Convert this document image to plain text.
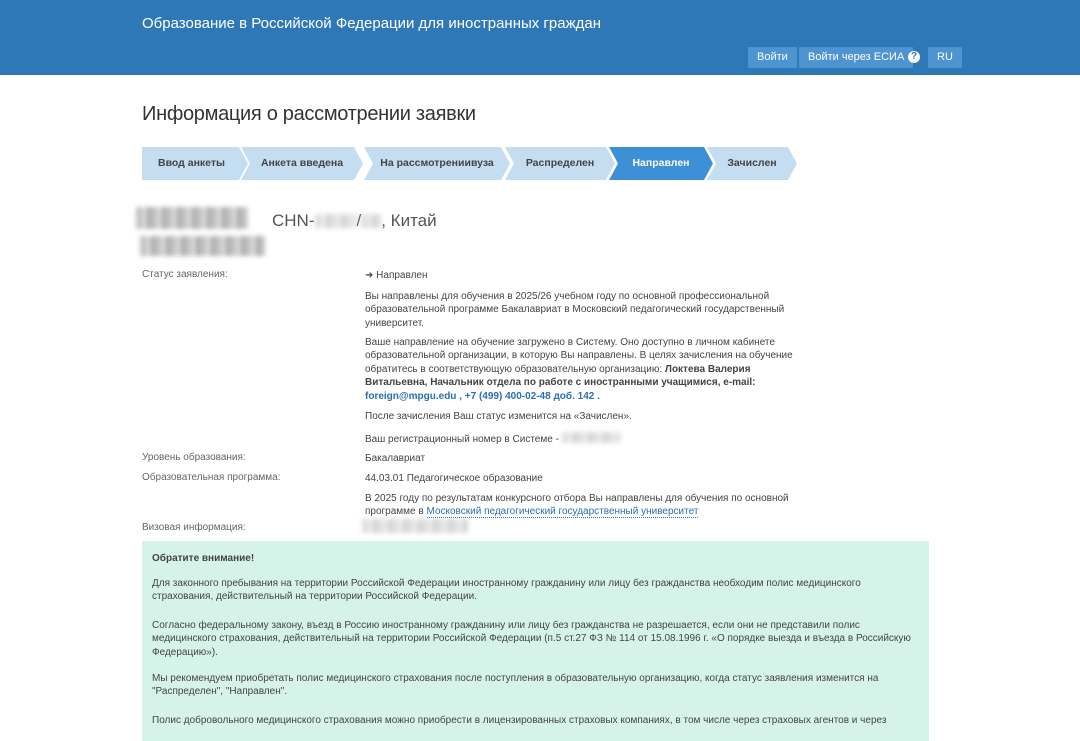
Образование в Российской Федерации для иностранных граждан
Войти	Войти через ЕСИА ?	RU
Информация о рассмотрении заявки
Ввод анкеты	Анкета введена	На рассмотрении вуза	Распределен	Направлен	Зачислен
CHN- / , Китай
Статус заявления:	➜ Направлен
Вы направлены для обучения в 2025/26 учебном году по основной профессиональной образовательной программе Бакалавриат в Московский педагогический государственный университет.
Ваше направление на обучение загружено в Систему. Оно доступно в личном кабинете образовательной организации, в которую Вы направлены. В целях зачисления на обучение обратитесь в соответствующую образовательную организацию: Локтева Валерия Витальевна, Начальник отдела по работе с иностранными учащимися, e-mail: foreign@mpgu.edu , +7 (499) 400-02-48 доб. 142 .
После зачисления Ваш статус изменится на «Зачислен».
Ваш регистрационный номер в Системе -
Уровень образования:	Бакалавриат
Образовательная программа:	44.03.01 Педагогическое образование
В 2025 году по результатам конкурсного отбора Вы направлены для обучения по основной программе в Московский педагогический государственный университет
Визовая информация:
Обратите внимание!
Для законного пребывания на территории Российской Федерации иностранному гражданину или лицу без гражданства необходим полис медицинского страхования, действительный на территории Российской Федерации.
Согласно федеральному закону, въезд в Россию иностранному гражданину или лицу без гражданства не разрешается, если они не представили полис медицинского страхования, действительный на территории Российской Федерации (п.5 ст.27 ФЗ № 114 от 15.08.1996 г. «О порядке выезда и въезда в Российскую Федерацию»).
Мы рекомендуем приобретать полис медицинского страхования после поступления в образовательную организацию, когда статус заявления изменится на "Распределен", "Направлен".
Полис добровольного медицинского страхования можно приобрести в лицензированных страховых компаниях, в том числе через страховых агентов и через
